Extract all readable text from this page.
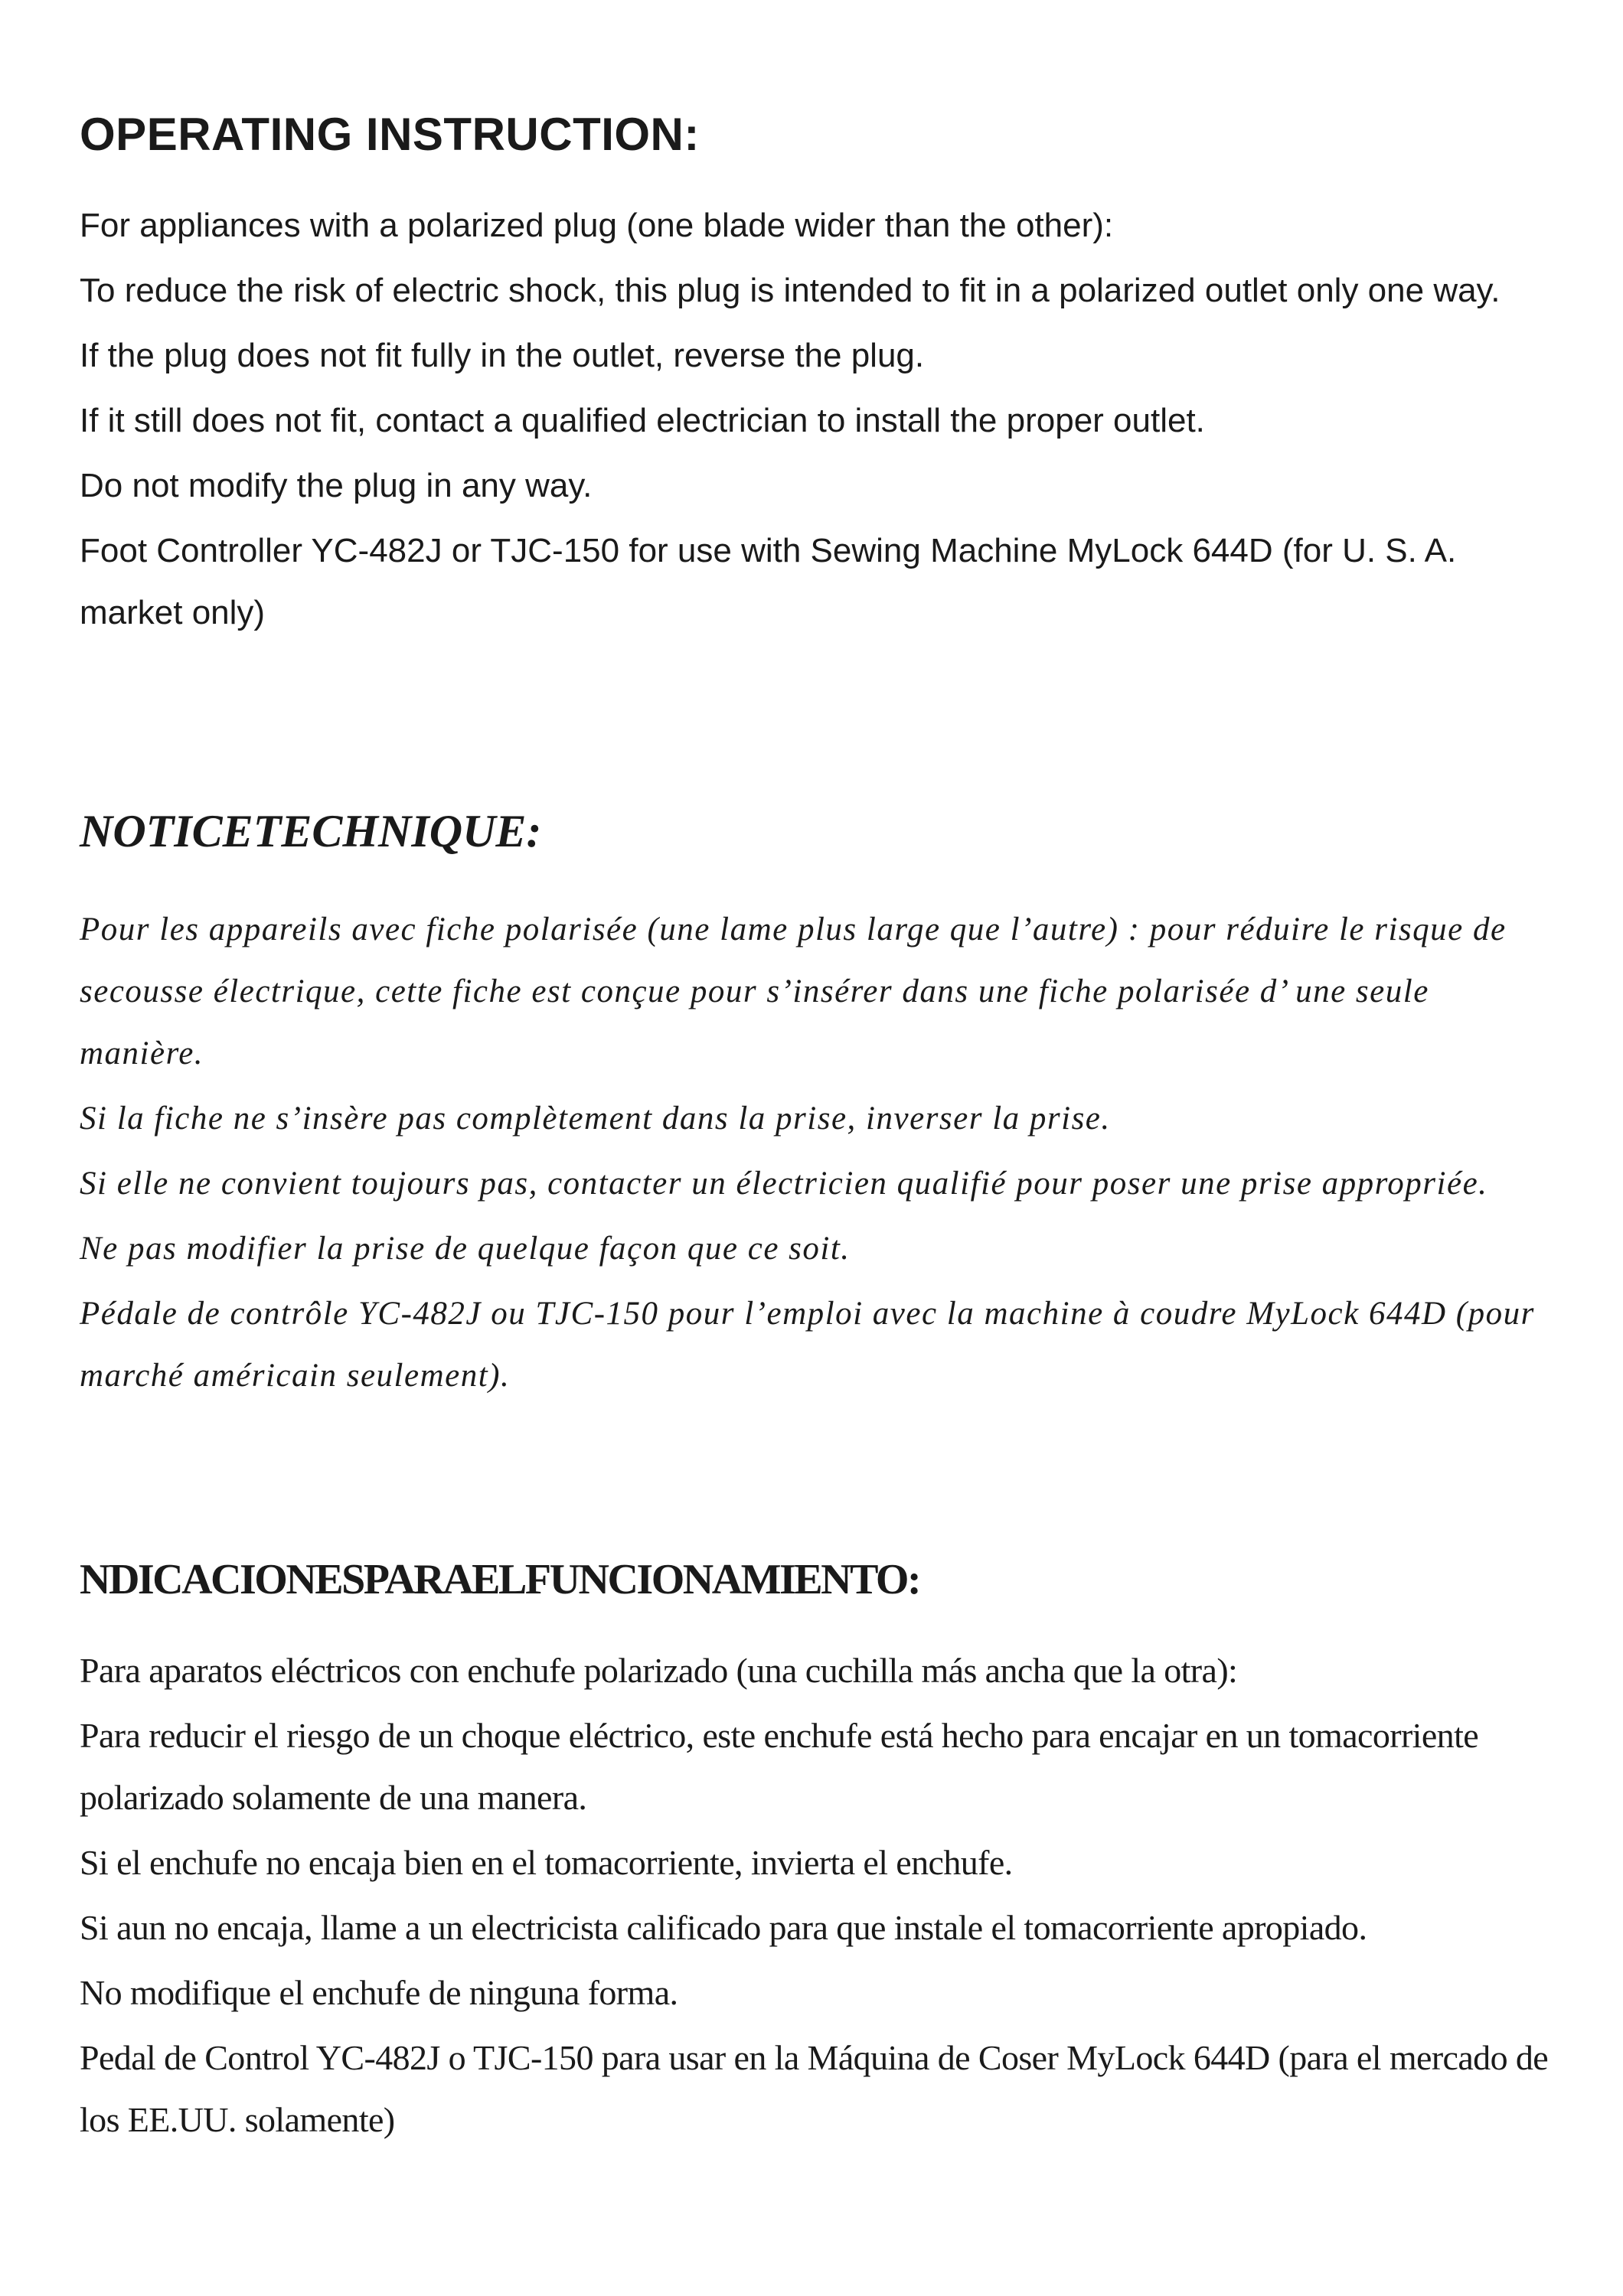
OPERATING INSTRUCTION:

For appliances with a polarized plug (one blade wider than the other):

To reduce the risk of electric shock, this plug is intended to fit in a polarized outlet only one way.

If the plug does not fit fully in the outlet, reverse the plug.

If it still does not fit, contact a qualified electrician to install the proper outlet.

Do not modify the plug in any way.

Foot Controller YC-482J or TJC-150 for use with Sewing Machine MyLock 644D (for U. S. A. market only)

NOTICETECHNIQUE:

Pour les appareils avec fiche polarisée (une lame plus large que l’autre) : pour réduire le risque de secousse électrique, cette fiche est conçue pour s’insérer dans une fiche polarisée d’ une seule manière.

Si la fiche ne s’insère pas complètement dans la prise, inverser la prise.

Si elle ne convient toujours pas, contacter un électricien qualifié pour poser une prise appropriée.

Ne pas modifier la prise de quelque façon que ce soit.

Pédale de contrôle YC-482J ou TJC-150 pour l’emploi avec la machine à coudre MyLock 644D (pour marché américain seulement).

NDICACIONESPARAELFUNCIONAMIENTO:

Para aparatos eléctricos con enchufe polarizado (una cuchilla más ancha que la otra):

Para reducir el riesgo de un choque eléctrico, este enchufe está hecho para encajar en un tomacorriente polarizado solamente de una manera.

Si el enchufe no encaja bien en el tomacorriente, invierta el enchufe.

Si aun no encaja, llame a un electricista calificado para que instale el tomacorriente apropiado.

No modifique el enchufe de ninguna forma.

Pedal de Control YC-482J o TJC-150 para usar en la Máquina de Coser MyLock 644D (para el mercado de los EE.UU. solamente)
